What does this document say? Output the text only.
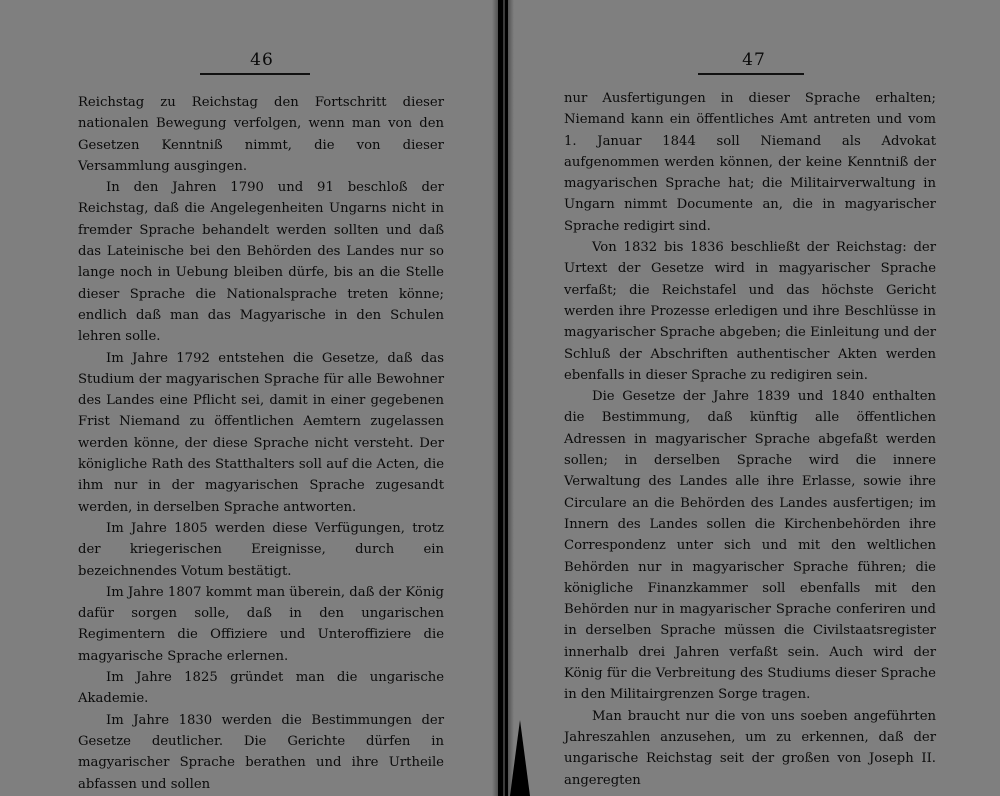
46

Reichstag zu Reichstag den Fortschritt dieser nationalen Bewegung verfolgen, wenn man von den Gesetzen Kenntniß nimmt, die von dieser Versammlung ausgingen.

In den Jahren 1790 und 91 beschloß der Reichstag, daß die Angelegenheiten Ungarns nicht in fremder Sprache behandelt werden sollten und daß das Lateinische bei den Behörden des Landes nur so lange noch in Uebung bleiben dürfe, bis an die Stelle dieser Sprache die Nationalsprache treten könne; endlich daß man das Magyarische in den Schulen lehren solle.

Im Jahre 1792 entstehen die Gesetze, daß das Studium der magyarischen Sprache für alle Bewohner des Landes eine Pflicht sei, damit in einer gegebenen Frist Niemand zu öffentlichen Aemtern zugelassen werden könne, der diese Sprache nicht versteht. Der königliche Rath des Statthalters soll auf die Acten, die ihm nur in der magyarischen Sprache zugesandt werden, in derselben Sprache antworten.

Im Jahre 1805 werden diese Verfügungen, trotz der kriegerischen Ereignisse, durch ein bezeichnendes Votum bestätigt.

Im Jahre 1807 kommt man überein, daß der König dafür sorgen solle, daß in den ungarischen Regimentern die Offiziere und Unteroffiziere die magyarische Sprache erlernen.

Im Jahre 1825 gründet man die ungarische Akademie.

Im Jahre 1830 werden die Bestimmungen der Gesetze deutlicher. Die Gerichte dürfen in magyarischer Sprache berathen und ihre Urtheile abfassen und sollen

47

nur Ausfertigungen in dieser Sprache erhalten; Niemand kann ein öffentliches Amt antreten und vom 1. Januar 1844 soll Niemand als Advokat aufgenommen werden können, der keine Kenntniß der magyarischen Sprache hat; die Militairverwaltung in Ungarn nimmt Documente an, die in magyarischer Sprache redigirt sind.

Von 1832 bis 1836 beschließt der Reichstag: der Urtext der Gesetze wird in magyarischer Sprache verfaßt; die Reichstafel und das höchste Gericht werden ihre Prozesse erledigen und ihre Beschlüsse in magyarischer Sprache abgeben; die Einleitung und der Schluß der Abschriften authentischer Akten werden ebenfalls in dieser Sprache zu redigiren sein.

Die Gesetze der Jahre 1839 und 1840 enthalten die Bestimmung, daß künftig alle öffentlichen Adressen in magyarischer Sprache abgefaßt werden sollen; in derselben Sprache wird die innere Verwaltung des Landes alle ihre Erlasse, sowie ihre Circulare an die Behörden des Landes ausfertigen; im Innern des Landes sollen die Kirchenbehörden ihre Correspondenz unter sich und mit den weltlichen Behörden nur in magyarischer Sprache führen; die königliche Finanzkammer soll ebenfalls mit den Behörden nur in magyarischer Sprache conferiren und in derselben Sprache müssen die Civilstaatsregister innerhalb drei Jahren verfaßt sein. Auch wird der König für die Verbreitung des Studiums dieser Sprache in den Militairgrenzen Sorge tragen.

Man braucht nur die von uns soeben angeführten Jahreszahlen anzusehen, um zu erkennen, daß der ungarische Reichstag seit der großen von Joseph II. angeregten
